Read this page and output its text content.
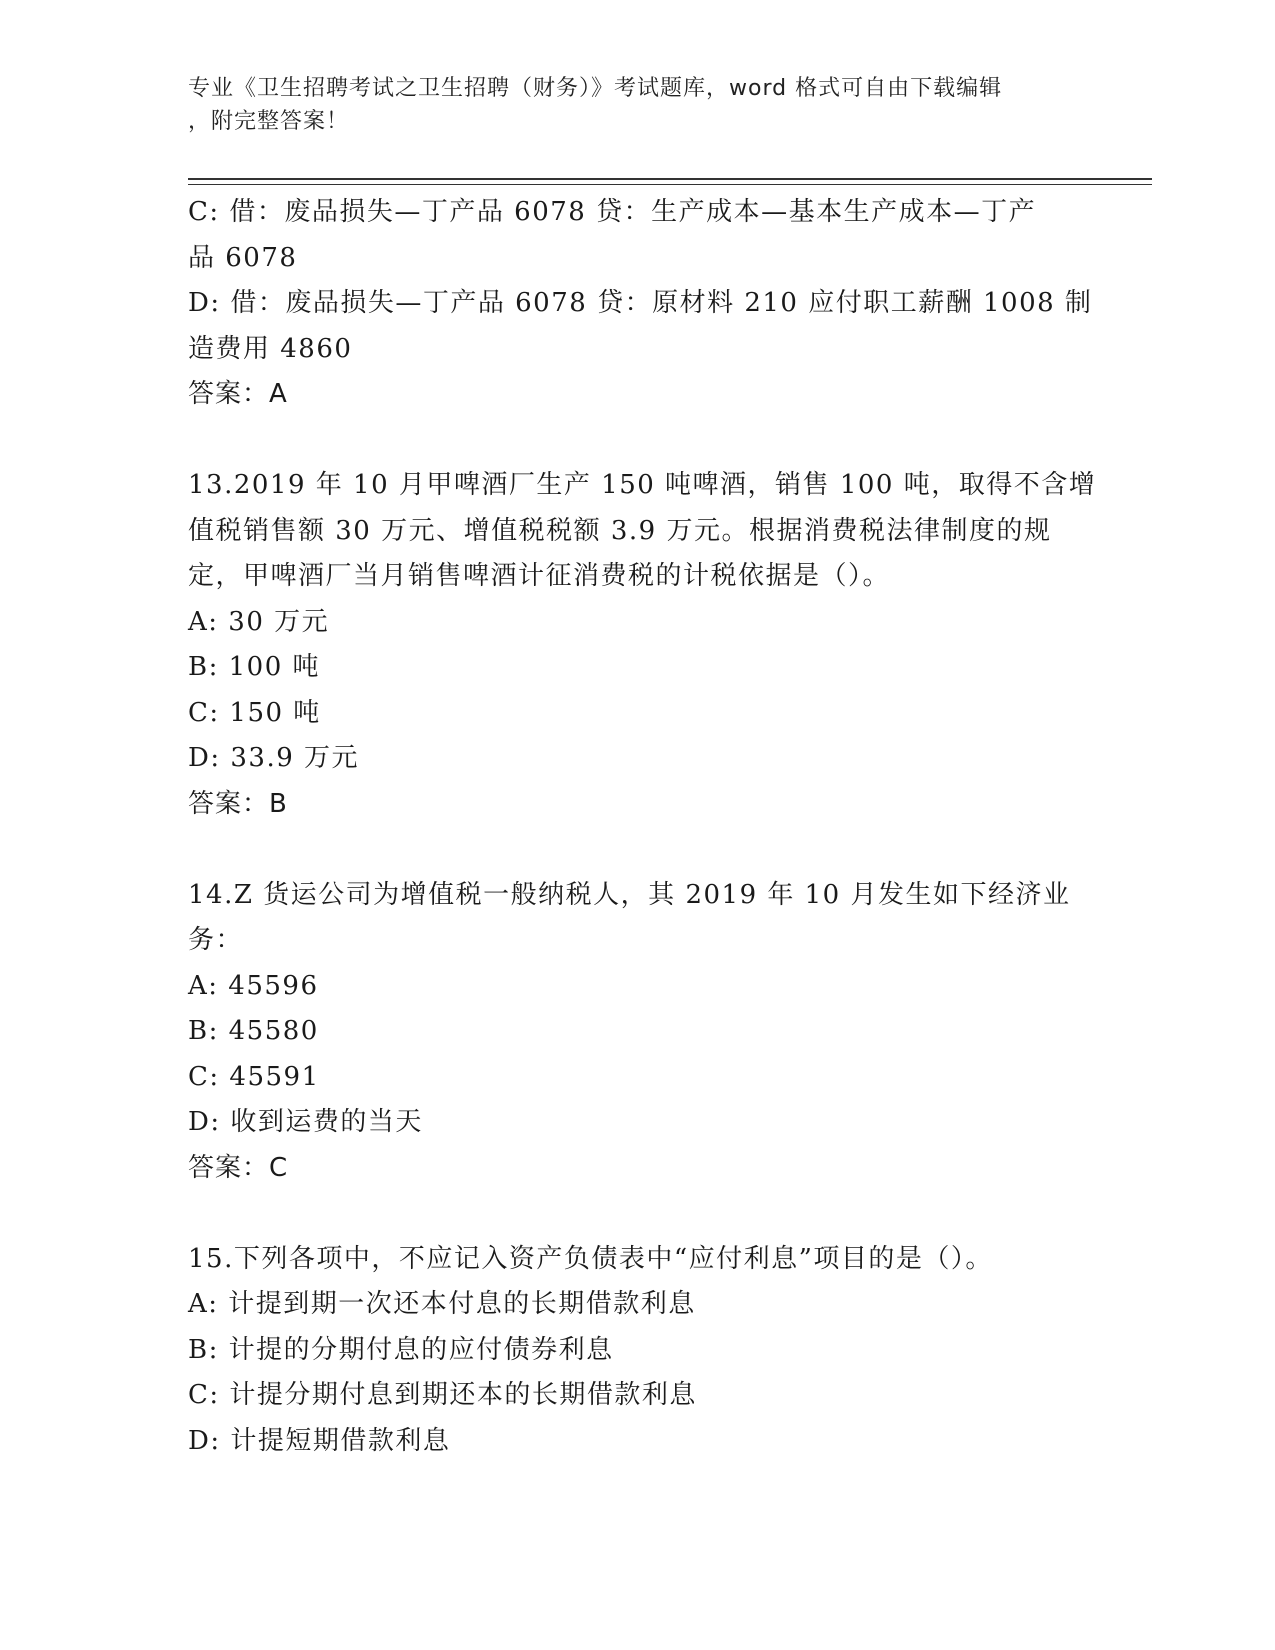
专业《卫生招聘考试之卫生招聘（财务）》考试题库，word 格式可自由下载编辑
，附完整答案！
C: 借：废品损失—丁产品 6078 贷：生产成本—基本生产成本—丁产
品 6078
D: 借：废品损失—丁产品 6078 贷：原材料 210 应付职工薪酬 1008 制
造费用 4860
答案：A
13.2019 年 10 月甲啤酒厂生产 150 吨啤酒，销售 100 吨，取得不含增
值税销售额 30 万元、增值税税额 3.9 万元。根据消费税法律制度的规
定，甲啤酒厂当月销售啤酒计征消费税的计税依据是（）。
A: 30 万元
B: 100 吨
C: 150 吨
D: 33.9 万元
答案：B
14.Z 货运公司为增值税一般纳税人，其 2019 年 10 月发生如下经济业
务：
A: 45596
B: 45580
C: 45591
D: 收到运费的当天
答案：C
15.下列各项中，不应记入资产负债表中“应付利息”项目的是（）。
A: 计提到期一次还本付息的长期借款利息
B: 计提的分期付息的应付债券利息
C: 计提分期付息到期还本的长期借款利息
D: 计提短期借款利息
